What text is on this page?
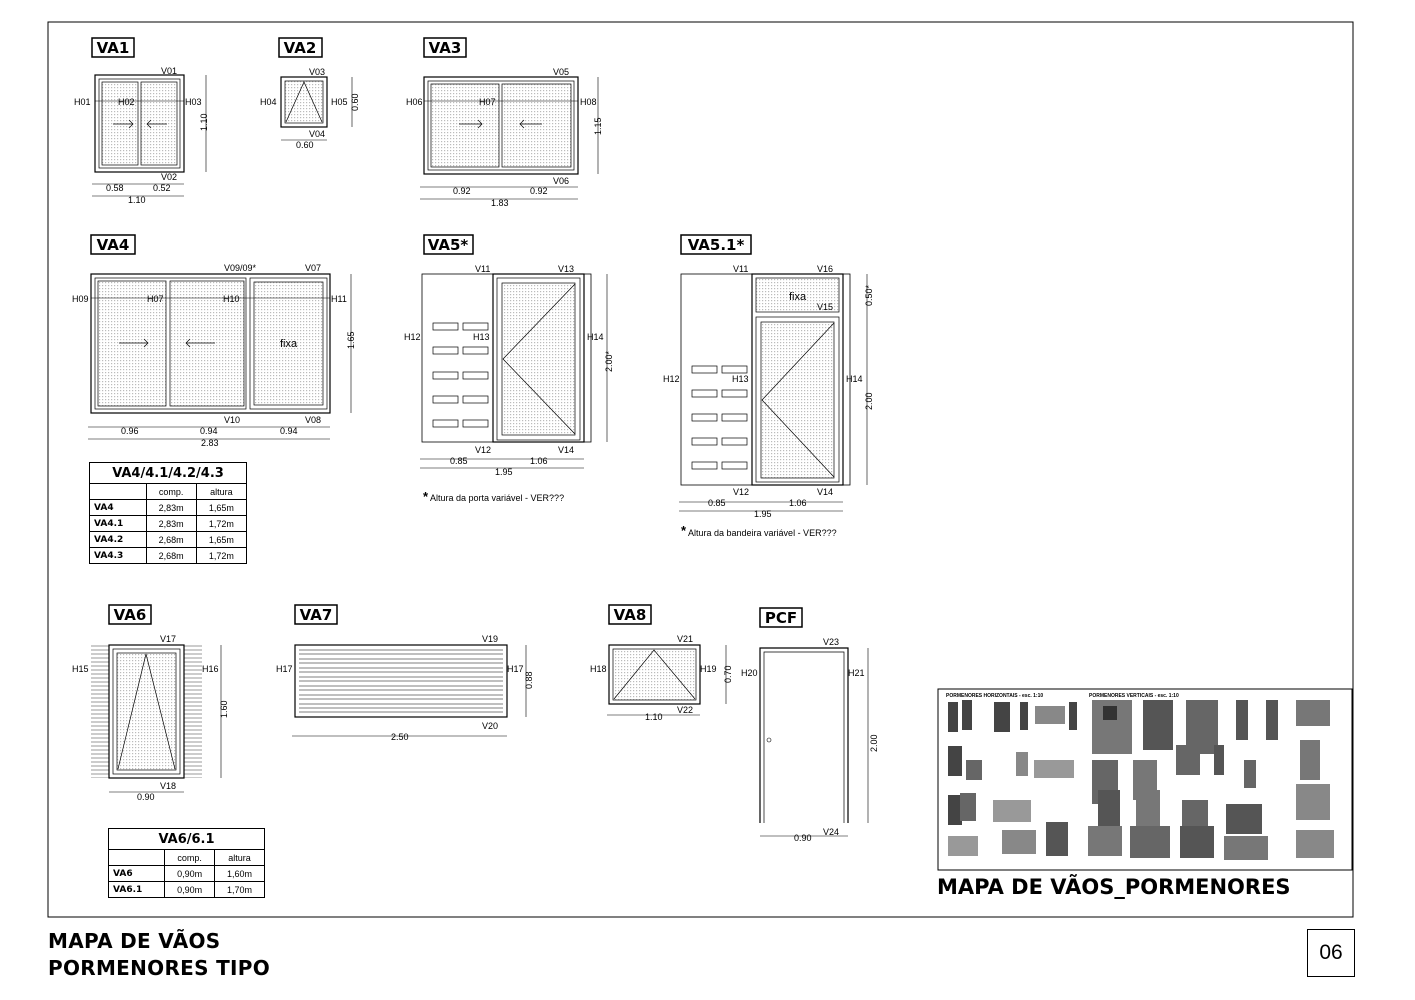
VA1
V01
V02
H01	H02	H03
0.58	0.52
1.10
1.10
VA2
V03
V04
H04	H05
0.60
0.60
VA3
V05
V06
H06	H07	H08
0.92	0.92
1.83
1.15
VA4
fixa
V09/09*	V07
V10	V08
H09	H07	H10	H11
0.96	0.94	0.94
2.83
1.65
VA5*
V11	V13
V12	V14
H12	H13	H14
0.85	1.06
1.95
2.00*
* Altura da porta variável - VER???
VA5.1*
fixa
V11	V16
V15
V12	V14
H12	H13	H14
0.85	1.06
1.95
0.50*
2.00
* Altura da bandeira variável - VER???
VA6
V17
V18
H15	H16
0.90
1.60
VA7
V19
V20
H17	H17
2.50
0.88
VA8
V21
V22
H18	H19
1.10
0.70
PCF
V23
V24
H20	H21
0.90
2.00
PORMENORES HORIZONTAIS - esc. 1:10	PORMENORES VERTICAIS - esc. 1:10
MAPA DE VÃOS_PORMENORES
VA4/4.1/4.2/4.3		
	comp.	altura
VA4	2,83m	1,65m
VA4.1	2,83m	1,72m
VA4.2	2,68m	1,65m
VA4.3	2,68m	1,72m
VA6/6.1		
	comp.	altura
VA6	0,90m	1,60m
VA6.1	0,90m	1,70m
MAPA DE VÃOS
PORMENORES TIPO
06
